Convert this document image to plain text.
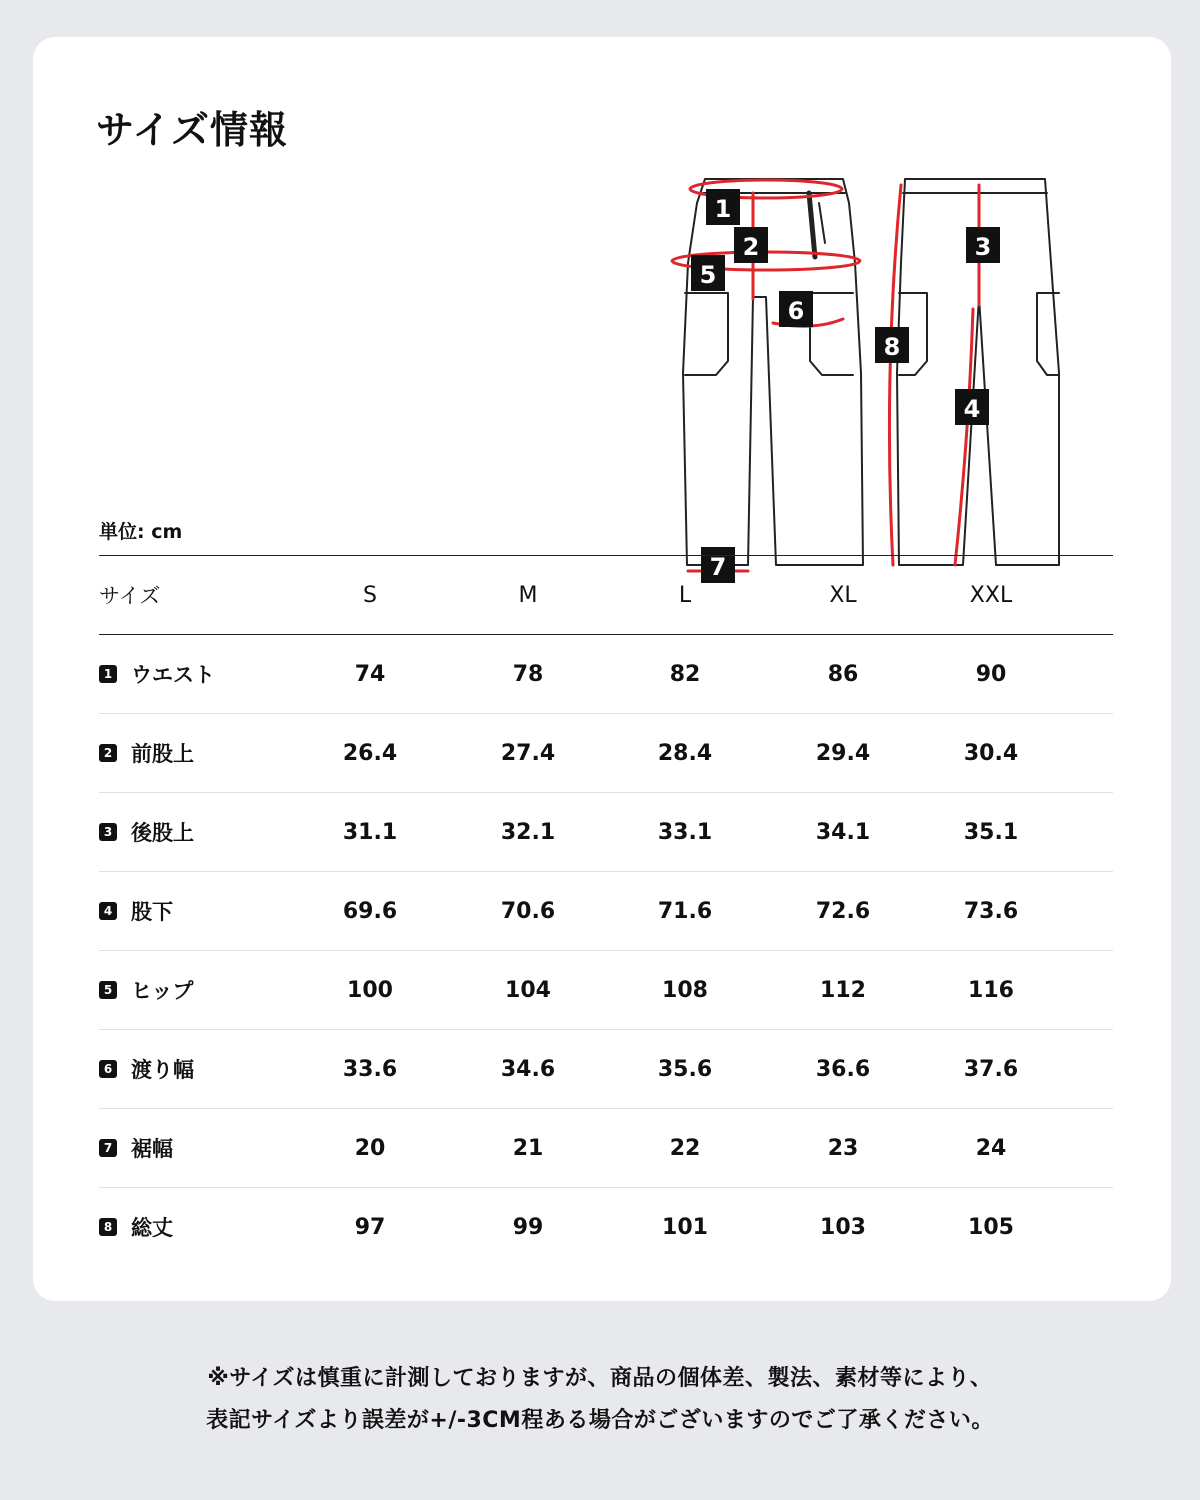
サイズ情報
1
2	3
4
5
6
7
8
単位: cm
サイズ	S	M	L	XL	XXL
1 ウエスト	74	78	82	86	90
2 前股上	26.4	27.4	28.4	29.4	30.4
3 後股上	31.1	32.1	33.1	34.1	35.1
4 股下	69.6	70.6	71.6	72.6	73.6
5 ヒップ	100	104	108	112	116
6 渡り幅	33.6	34.6	35.6	36.6	37.6
7 裾幅	20	21	22	23	24
8 総丈	97	99	101	103	105

※サイズは慎重に計測しておりますが、商品の個体差、製法、素材等により、

表記サイズより誤差が+/-3CM程ある場合がございますのでご了承ください。
